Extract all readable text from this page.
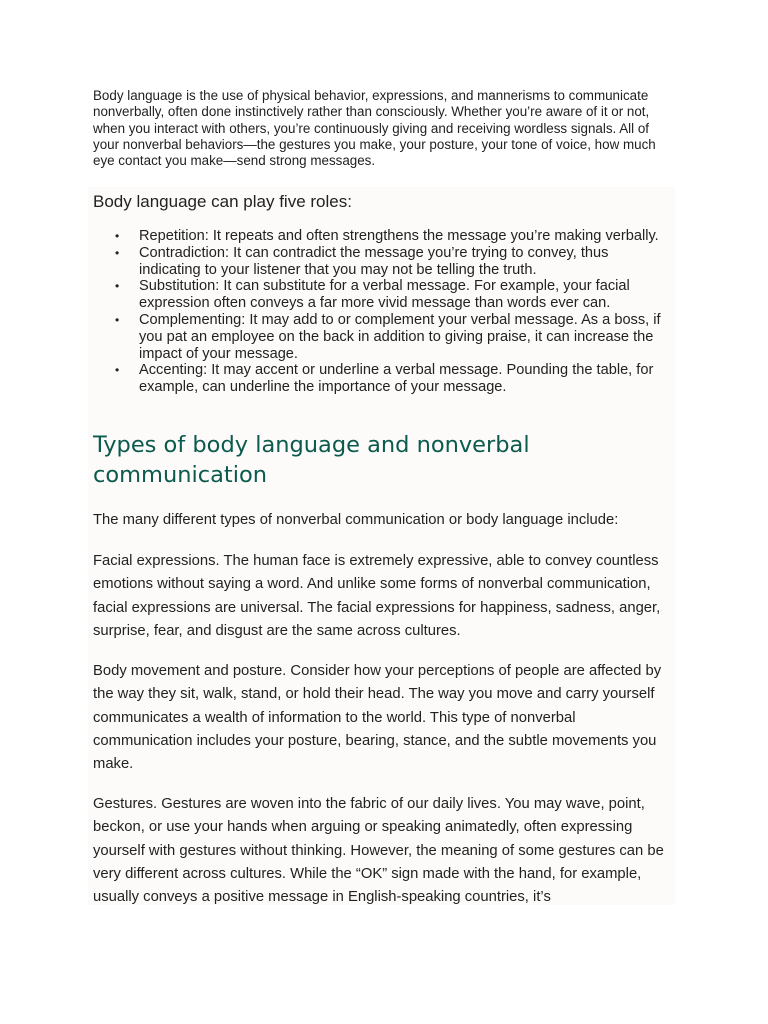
Body language is the use of physical behavior, expressions, and mannerisms to communicate nonverbally, often done instinctively rather than consciously. Whether you’re aware of it or not, when you interact with others, you’re continuously giving and receiving wordless signals. All of your nonverbal behaviors—the gestures you make, your posture, your tone of voice, how much eye contact you make—send strong messages.

Body language can play five roles:
• Repetition: It repeats and often strengthens the message you’re making verbally.
• Contradiction: It can contradict the message you’re trying to convey, thus indicating to your listener that you may not be telling the truth.
• Substitution: It can substitute for a verbal message. For example, your facial expression often conveys a far more vivid message than words ever can.
• Complementing: It may add to or complement your verbal message. As a boss, if you pat an employee on the back in addition to giving praise, it can increase the impact of your message.
• Accenting: It may accent or underline a verbal message. Pounding the table, for example, can underline the importance of your message.
Types of body language and nonverbal communication

The many different types of nonverbal communication or body language include:

Facial expressions. The human face is extremely expressive, able to convey countless emotions without saying a word. And unlike some forms of nonverbal communication, facial expressions are universal. The facial expressions for happiness, sadness, anger, surprise, fear, and disgust are the same across cultures.

Body movement and posture. Consider how your perceptions of people are affected by the way they sit, walk, stand, or hold their head. The way you move and carry yourself communicates a wealth of information to the world. This type of nonverbal communication includes your posture, bearing, stance, and the subtle movements you make.

Gestures. Gestures are woven into the fabric of our daily lives. You may wave, point, beckon, or use your hands when arguing or speaking animatedly, often expressing yourself with gestures without thinking. However, the meaning of some gestures can be very different across cultures. While the “OK” sign made with the hand, for example, usually conveys a positive message in English-speaking countries, it’s
